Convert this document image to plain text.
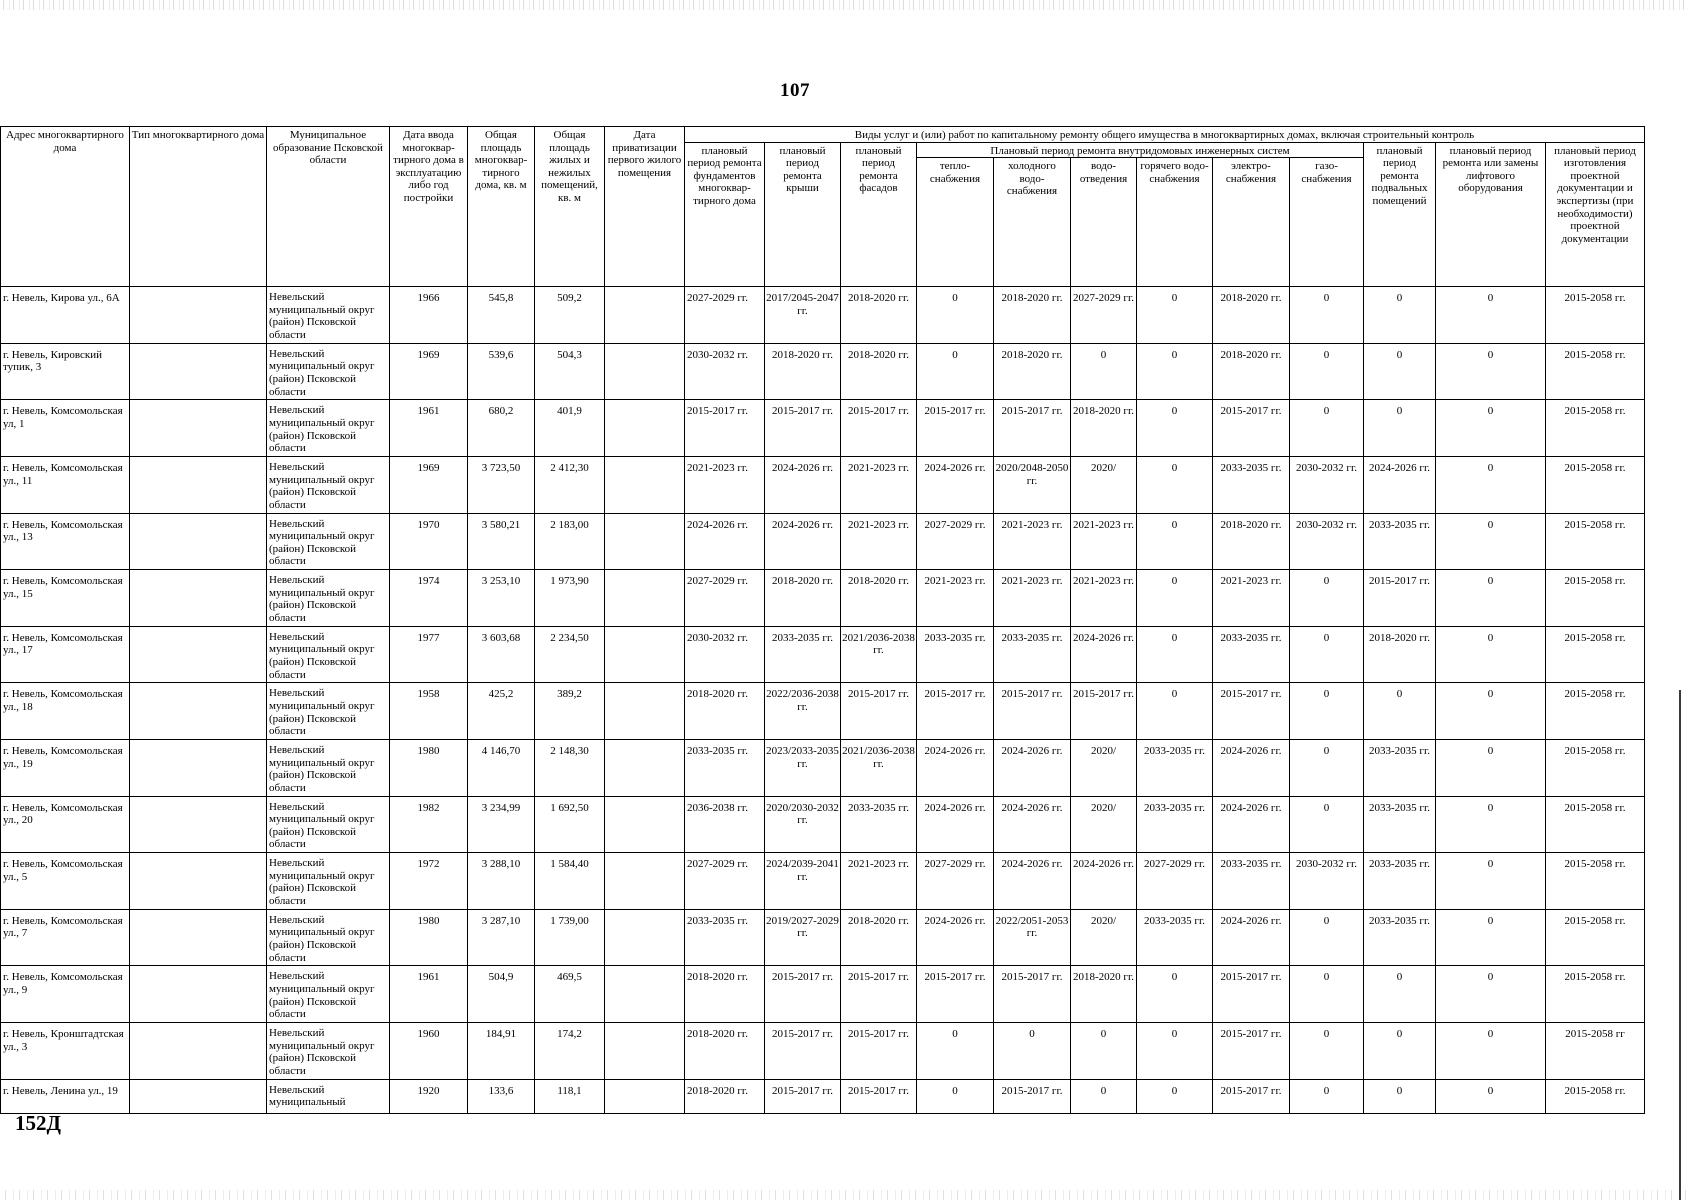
107
Адрес многоквартирного дома	Тип многоквартирного дома	Муниципальное образование Псковской области	Дата ввода многоквар-тирного дома в эксплуатацию либо год постройки	Общая площадь многоквар-тирного дома, кв. м	Общая площадь жилых и нежилых помещений, кв. м	Дата приватизации первого жилого помещения	Виды услуг и (или) работ по капитальному ремонту общего имущества в многоквартирных домах, включая строительный контроль											
							плановый период ремонта фундаментов многоквар-тирного дома	плановый период ремонта крыши	плановый период ремонта фасадов	Плановый период ремонта внутридомовых инженерных систем						плановый период ремонта подвальных помещений	плановый период ремонта или замены лифтового оборудования	плановый период изготовления проектной документации и экспертизы (при необходимости) проектной документации
										тепло-снабжения	холодного водо-снабжения	водо-отведения	горячего водо-снабжения	электро-снабжения	газо-снабжения			
г. Невель, Кирова ул., 6А		Невельский муниципальный округ (район) Псковской области	1966	545,8	509,2		2027-2029 гг.	2017/2045-2047 гг.	2018-2020 гг.	0	2018-2020 гг.	2027-2029 гг.	0	2018-2020 гг.	0	0	0	2015-2058 гг.
г. Невель, Кировский тупик, 3		Невельский муниципальный округ (район) Псковской области	1969	539,6	504,3		2030-2032 гг.	2018-2020 гг.	2018-2020 гг.	0	2018-2020 гг.	0	0	2018-2020 гг.	0	0	0	2015-2058 гг.
г. Невель, Комсомольская ул, 1		Невельский муниципальный округ (район) Псковской области	1961	680,2	401,9		2015-2017 гг.	2015-2017 гг.	2015-2017 гг.	2015-2017 гг.	2015-2017 гг.	2018-2020 гг.	0	2015-2017 гг.	0	0	0	2015-2058 гг.
г. Невель, Комсомольская ул., 11		Невельский муниципальный округ (район) Псковской области	1969	3 723,50	2 412,30		2021-2023 гг.	2024-2026 гг.	2021-2023 гг.	2024-2026 гг.	2020/2048-2050 гг.	2020/	0	2033-2035 гг.	2030-2032 гг.	2024-2026 гг.	0	2015-2058 гг.
г. Невель, Комсомольская ул., 13		Невельский муниципальный округ (район) Псковской области	1970	3 580,21	2 183,00		2024-2026 гг.	2024-2026 гг.	2021-2023 гг.	2027-2029 гг.	2021-2023 гг.	2021-2023 гг.	0	2018-2020 гг.	2030-2032 гг.	2033-2035 гг.	0	2015-2058 гг.
г. Невель, Комсомольская ул., 15		Невельский муниципальный округ (район) Псковской области	1974	3 253,10	1 973,90		2027-2029 гг.	2018-2020 гг.	2018-2020 гг.	2021-2023 гг.	2021-2023 гг.	2021-2023 гг.	0	2021-2023 гг.	0	2015-2017 гг.	0	2015-2058 гг.
г. Невель, Комсомольская ул., 17		Невельский муниципальный округ (район) Псковской области	1977	3 603,68	2 234,50		2030-2032 гг.	2033-2035 гг.	2021/2036-2038 гг.	2033-2035 гг.	2033-2035 гг.	2024-2026 гг.	0	2033-2035 гг.	0	2018-2020 гг.	0	2015-2058 гг.
г. Невель, Комсомольская ул., 18		Невельский муниципальный округ (район) Псковской области	1958	425,2	389,2		2018-2020 гг.	2022/2036-2038 гг.	2015-2017 гг.	2015-2017 гг.	2015-2017 гг.	2015-2017 гг.	0	2015-2017 гг.	0	0	0	2015-2058 гг.
г. Невель, Комсомольская ул., 19		Невельский муниципальный округ (район) Псковской области	1980	4 146,70	2 148,30		2033-2035 гг.	2023/2033-2035 гг.	2021/2036-2038 гг.	2024-2026 гг.	2024-2026 гг.	2020/	2033-2035 гг.	2024-2026 гг.	0	2033-2035 гг.	0	2015-2058 гг.
г. Невель, Комсомольская ул., 20		Невельский муниципальный округ (район) Псковской области	1982	3 234,99	1 692,50		2036-2038 гг.	2020/2030-2032 гг.	2033-2035 гг.	2024-2026 гг.	2024-2026 гг.	2020/	2033-2035 гг.	2024-2026 гг.	0	2033-2035 гг.	0	2015-2058 гг.
г. Невель, Комсомольская ул., 5		Невельский муниципальный округ (район) Псковской области	1972	3 288,10	1 584,40		2027-2029 гг.	2024/2039-2041 гг.	2021-2023 гг.	2027-2029 гг.	2024-2026 гг.	2024-2026 гг.	2027-2029 гг.	2033-2035 гг.	2030-2032 гг.	2033-2035 гг.	0	2015-2058 гг.
г. Невель, Комсомольская ул., 7		Невельский муниципальный округ (район) Псковской области	1980	3 287,10	1 739,00		2033-2035 гг.	2019/2027-2029 гг.	2018-2020 гг.	2024-2026 гг.	2022/2051-2053 гг.	2020/	2033-2035 гг.	2024-2026 гг.	0	2033-2035 гг.	0	2015-2058 гг.
г. Невель, Комсомольская ул., 9		Невельский муниципальный округ (район) Псковской области	1961	504,9	469,5		2018-2020 гг.	2015-2017 гг.	2015-2017 гг.	2015-2017 гг.	2015-2017 гг.	2018-2020 гг.	0	2015-2017 гг.	0	0	0	2015-2058 гг.
г. Невель, Кронштадтская ул., 3		Невельский муниципальный округ (район) Псковской области	1960	184,91	174,2		2018-2020 гг.	2015-2017 гг.	2015-2017 гг.	0	0	0	0	2015-2017 гг.	0	0	0	2015-2058 гг
г. Невель, Ленина ул., 19		Невельский муниципальный	1920	133,6	118,1		2018-2020 гг.	2015-2017 гг.	2015-2017 гг.	0	2015-2017 гг.	0	0	2015-2017 гг.	0	0	0	2015-2058 гг.
152Д
